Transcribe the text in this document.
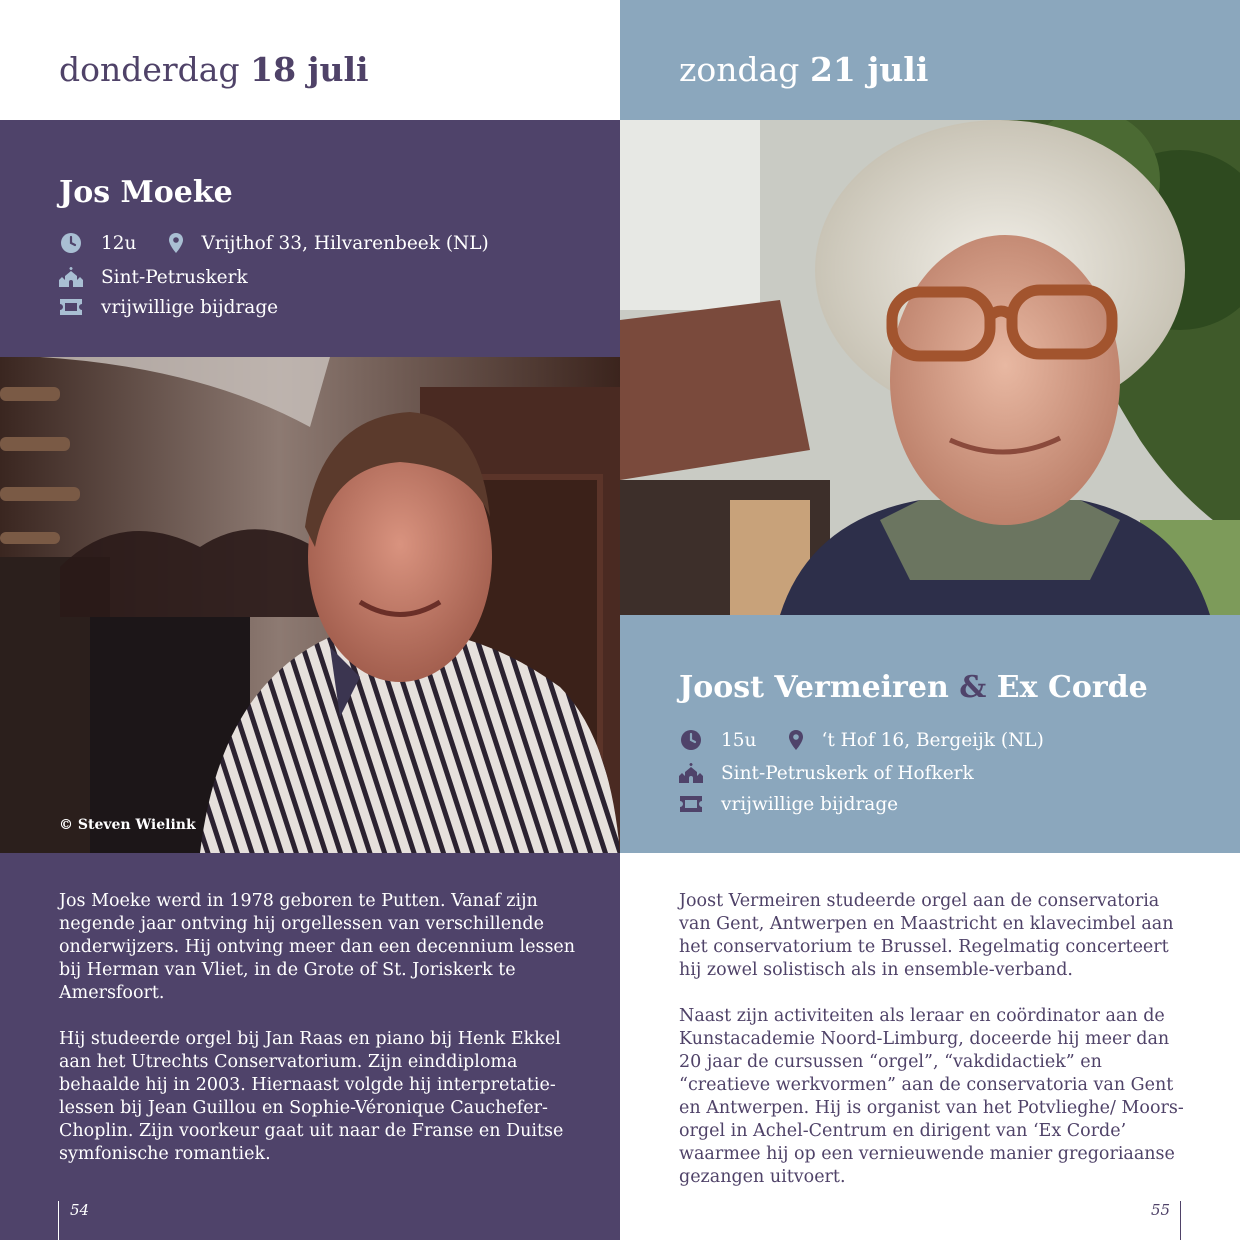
donderdag 18 juli
Jos Moeke
12u	Vrijthof 33, Hilvarenbeek (NL)
Sint-Petruskerk
vrijwillige bijdrage
© Steven Wielink

Jos Moeke werd in 1978 geboren te Putten. Vanaf zijn negende jaar ontving hij orgellessen van verschillende onderwijzers. Hij ontving meer dan een decennium lessen bij Herman van Vliet, in de Grote of St. Joriskerk te Amersfoort.

Hij studeerde orgel bij Jan Raas en piano bij Henk Ekkel aan het Utrechts Conservatorium. Zijn einddiploma behaalde hij in 2003. Hiernaast volgde hij interpretatie-lessen bij Jean Guillou en Sophie-Véronique Cauchefer-Choplin. Zijn voorkeur gaat uit naar de Franse en Duitse symfonische romantiek.

54
zondag 21 juli
Joost Vermeiren & Ex Corde
15u	‘t Hof 16, Bergeijk (NL)
Sint-Petruskerk of Hofkerk
vrijwillige bijdrage

Joost Vermeiren studeerde orgel aan de conservatoria van Gent, Antwerpen en Maastricht en klavecimbel aan het conservatorium te Brussel. Regelmatig concerteert hij zowel solistisch als in ensemble-verband.

Naast zijn activiteiten als leraar en coördinator aan de Kunstacademie Noord-Limburg, doceerde hij meer dan 20 jaar de cursussen “orgel”, “vakdidactiek” en “creatieve werkvormen” aan de conservatoria van Gent en Antwerpen. Hij is organist van het Potvlieghe/ Moors-orgel in Achel-Centrum en dirigent van ‘Ex Corde’ waarmee hij op een vernieuwende manier gregoriaanse gezangen uitvoert.

55
